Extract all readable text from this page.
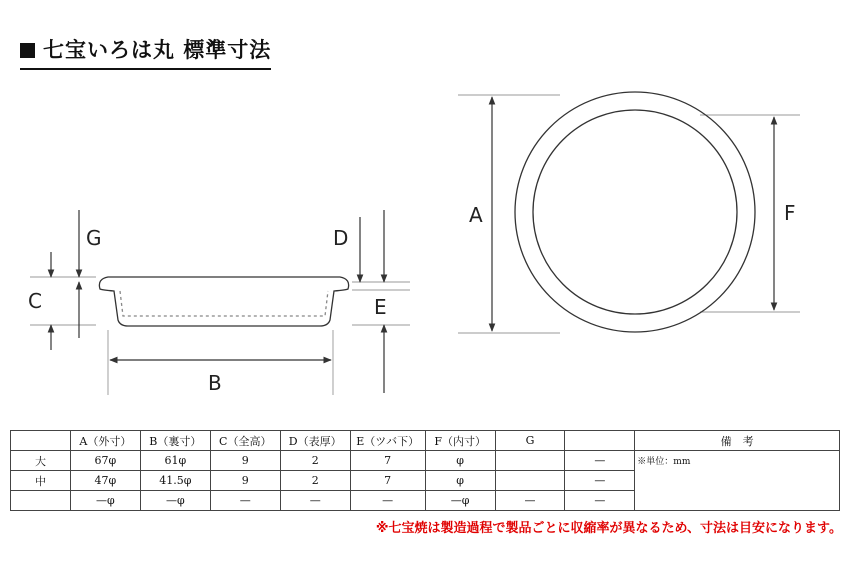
七宝いろは丸 標準寸法
G
C
D
E
B
A	F
	A（外寸）	B（裏寸）	C（全高）	D（表厚）	E（ツバ下）	F（内寸）	G		備　考
大	67φ	61φ	9	2	7	φ		—	※単位：mm
中	47φ	41.5φ	9	2	7	φ		—	
	—φ	—φ	—	—	—	—φ	—	—	
※七宝焼は製造過程で製品ごとに収縮率が異なるため、寸法は目安になります。
